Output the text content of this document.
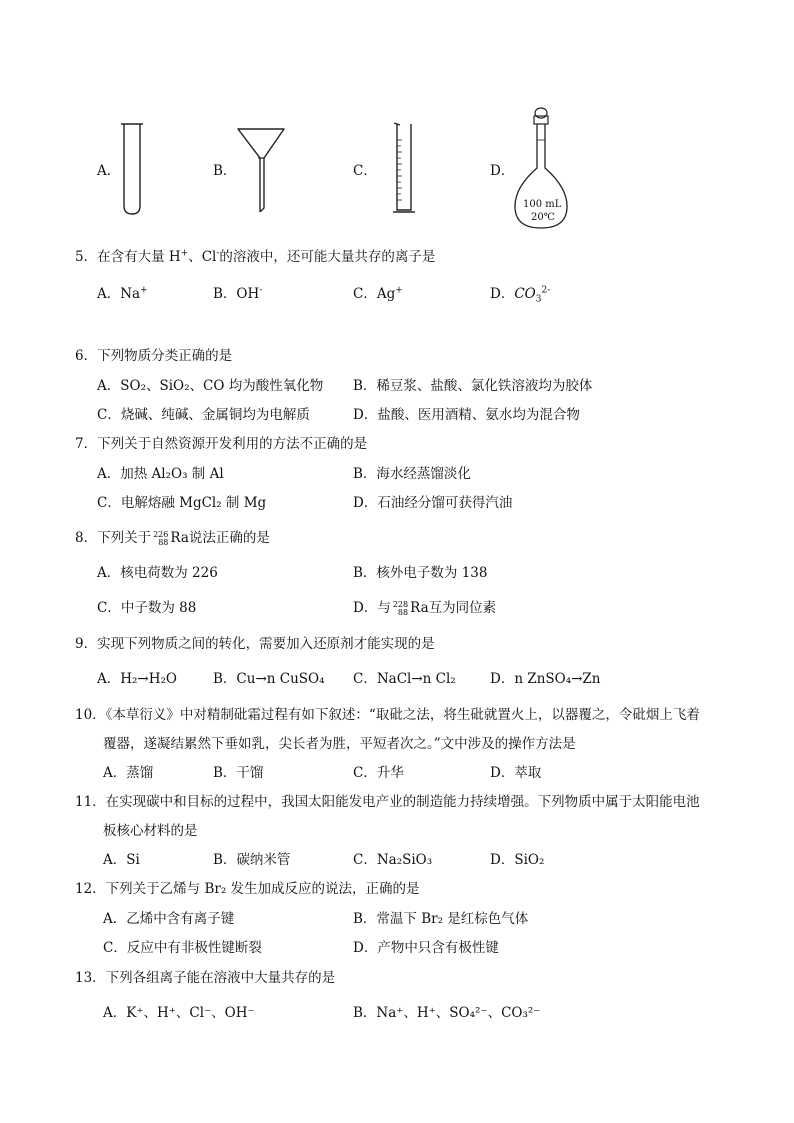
A．	B．	C．	D．
100 mL
20℃
5．在含有大量 H+、Cl-的溶液中，还可能大量共存的离子是
A．Na+	B．OH-	C．Ag+	D．$CO_3^{2-}$
6．下列物质分类正确的是
A．SO₂、SiO₂、CO 均为酸性氧化物 B．稀豆浆、盐酸、氯化铁溶液均为胶体
C．烧碱、纯碱、金属铜均为电解质	D．盐酸、医用酒精、氨水均为混合物
7．下列关于自然资源开发利用的方法不正确的是
A．加热 Al₂O₃ 制 Al	B．海水经蒸馏淡化
C．电解熔融 MgCl₂ 制 Mg	D．石油经分馏可获得汽油
8．下列关于 226
88 Ra说法正确的是
A．核电荷数为 226	B．核外电子数为 138
C．中子数为 88	D．与 228
88 Ra互为同位素
9．实现下列物质之间的转化，需要加入还原剂才能实现的是
A．H₂→H₂O	B．Cu→n CuSO₄ C．NaCl→n Cl₂	D．n ZnSO₄→Zn
10．《本草衍义》中对精制砒霜过程有如下叙述：“取砒之法，将生砒就置火上，以器覆之，令砒烟上飞着
覆器，遂凝结累然下垂如乳，尖长者为胜，平短者次之。”文中涉及的操作方法是
A．蒸馏	B．干馏	C．升华	D．萃取
11．在实现碳中和目标的过程中，我国太阳能发电产业的制造能力持续增强。下列物质中属于太阳能电池
板核心材料的是
A．Si	B．碳纳米管	C．Na₂SiO₃	D．SiO₂
12．下列关于乙烯与 Br₂ 发生加成反应的说法，正确的是
A．乙烯中含有离子键	B．常温下 Br₂ 是红棕色气体
C．反应中有非极性键断裂	D．产物中只含有极性键
13．下列各组离子能在溶液中大量共存的是
A．K⁺、H⁺、Cl⁻、OH⁻	B．Na⁺、H⁺、SO₄²⁻、CO₃²⁻
